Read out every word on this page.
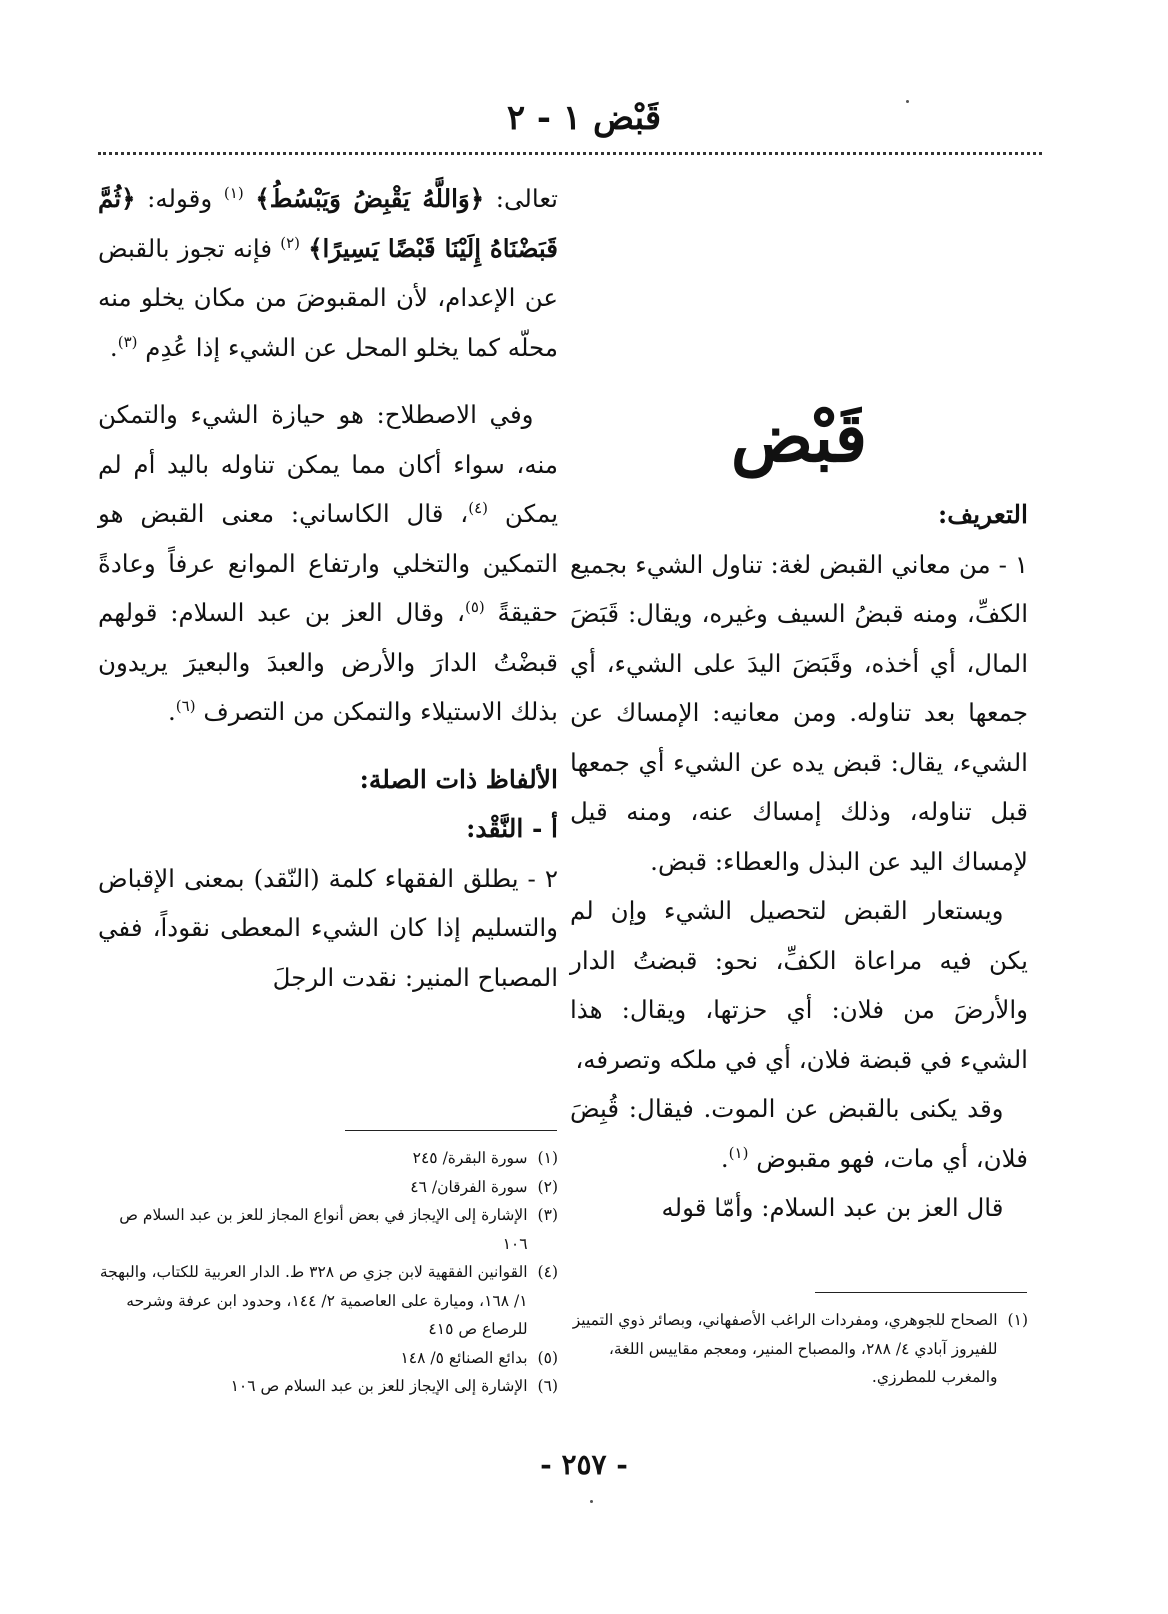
قَبْض ١ - ٢
قَبْض

التعريف:

١ - من معاني القبض لغة: تناول الشيء بجميع الكفِّ، ومنه قبضُ السيف وغيره، ويقال: قَبَضَ المال، أي أخذه، وقَبَضَ اليدَ على الشيء، أي جمعها بعد تناوله. ومن معانيه: الإمساك عن الشيء، يقال: قبض يده عن الشيء أي جمعها قبل تناوله، وذلك إمساك عنه، ومنه قيل لإمساك اليد عن البذل والعطاء: قبض.

 ويستعار القبض لتحصيل الشيء وإن لم يكن فيه مراعاة الكفِّ، نحو: قبضتُ الدار والأرضَ من فلان: أي حزتها، ويقال: هذا الشيء في قبضة فلان، أي في ملكه وتصرفه،

 وقد يكنى بالقبض عن الموت. فيقال: قُبِضَ فلان، أي مات، فهو مقبوض $^{(١)}$.

 قال العز بن عبد السلام: وأمّا قوله

تعالى: ﴿وَاللَّهُ يَقْبِضُ وَيَبْسُطُ﴾ $^{(١)}$ وقوله: ﴿ثُمَّ قَبَضْنَاهُ إِلَيْنَا قَبْضًا يَسِيرًا﴾ $^{(٢)}$ فإنه تجوز بالقبض عن الإعدام، لأن المقبوضَ من مكان يخلو منه محلّه كما يخلو المحل عن الشيء إذا عُدِم $^{(٣)}$.

 وفي الاصطلاح: هو حيازة الشيء والتمكن منه، سواء أكان مما يمكن تناوله باليد أم لم يمكن $^{(٤)}$، قال الكاساني: معنى القبض هو التمكين والتخلي وارتفاع الموانع عرفاً وعادةً حقيقةً $^{(٥)}$، وقال العز بن عبد السلام: قولهم قبضْتُ الدارَ والأرض والعبدَ والبعيرَ يريدون بذلك الاستيلاء والتمكن من التصرف $^{(٦)}$.

الألفاظ ذات الصلة:

أ - النَّقْد:

٢ - يطلق الفقهاء كلمة (النّقد) بمعنى الإقباض والتسليم إذا كان الشيء المعطى نقوداً، ففي المصباح المنير: نقدت الرجلَ

(١)
سورة البقرة/ ٢٤٥
(٢)
سورة الفرقان/ ٤٦
(٣)
الإشارة إلى الإيجاز في بعض أنواع المجاز للعز بن عبد السلام ص ١٠٦
(٤)
القوانين الفقهية لابن جزي ص ٣٢٨ ط. الدار العربية للكتاب، والبهجة ١/ ١٦٨، وميارة على العاصمية ٢/ ١٤٤، وحدود ابن عرفة وشرحه للرصاع ص ٤١٥
(٥)
بدائع الصنائع ٥/ ١٤٨
(٦)
الإشارة إلى الإيجاز للعز بن عبد السلام ص ١٠٦
(١)
الصحاح للجوهري، ومفردات الراغب الأصفهاني، وبصائر ذوي التمييز للفيروز آبادي ٤/ ٢٨٨، والمصباح المنير، ومعجم مقاييس اللغة، والمغرب للمطرزي.
- ٢٥٧ -
